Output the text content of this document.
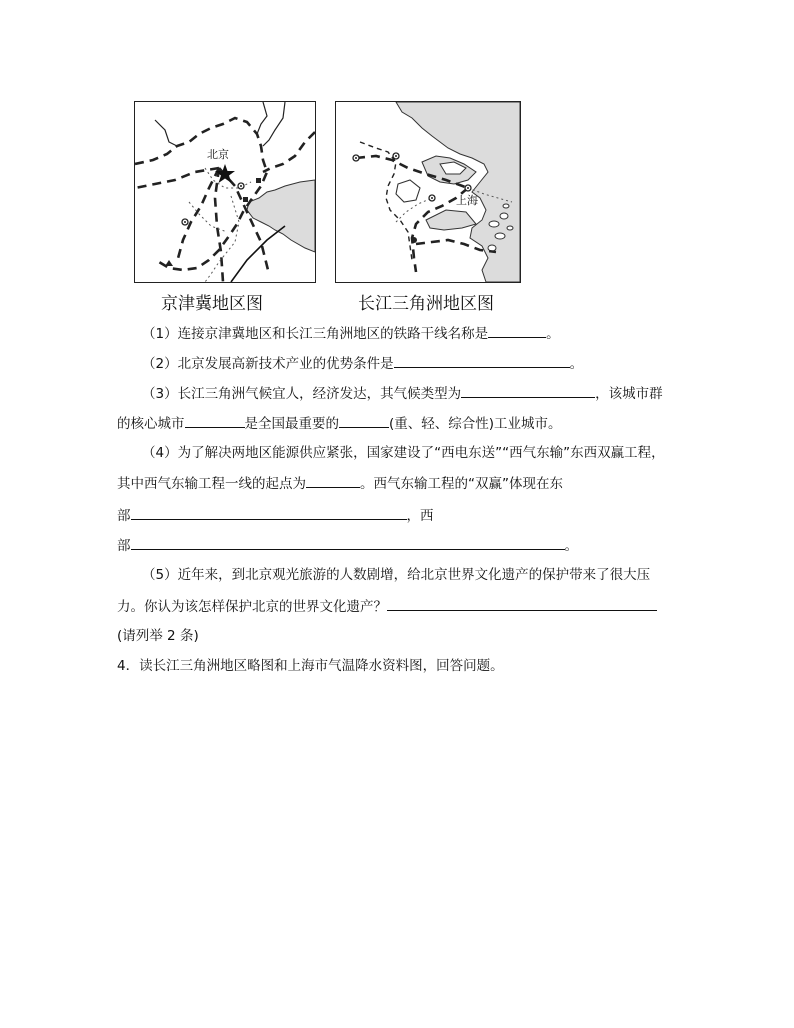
北京
上海
京津冀地区图	长江三角洲地区图
（1）连接京津冀地区和长江三角洲地区的铁路干线名称是	。
（2）北京发展高新技术产业的优势条件是	。
（3）长江三角洲气候宜人，经济发达，其气候类型为	，该城市群
的核心城市	是全国最重要的	(重、轻、综合性)工业城市。
（4）为了解决两地区能源供应紧张，国家建设了“西电东送”“西气东输”东西双赢工程，
其中西气东输工程一线的起点为	。西气东输工程的“双赢”体现在东
部	，西
部	。
（5）近年来，到北京观光旅游的人数剧增，给北京世界文化遗产的保护带来了很大压
力。你认为该怎样保护北京的世界文化遗产？
(请列举 2 条)
4．读长江三角洲地区略图和上海市气温降水资料图，回答问题。
